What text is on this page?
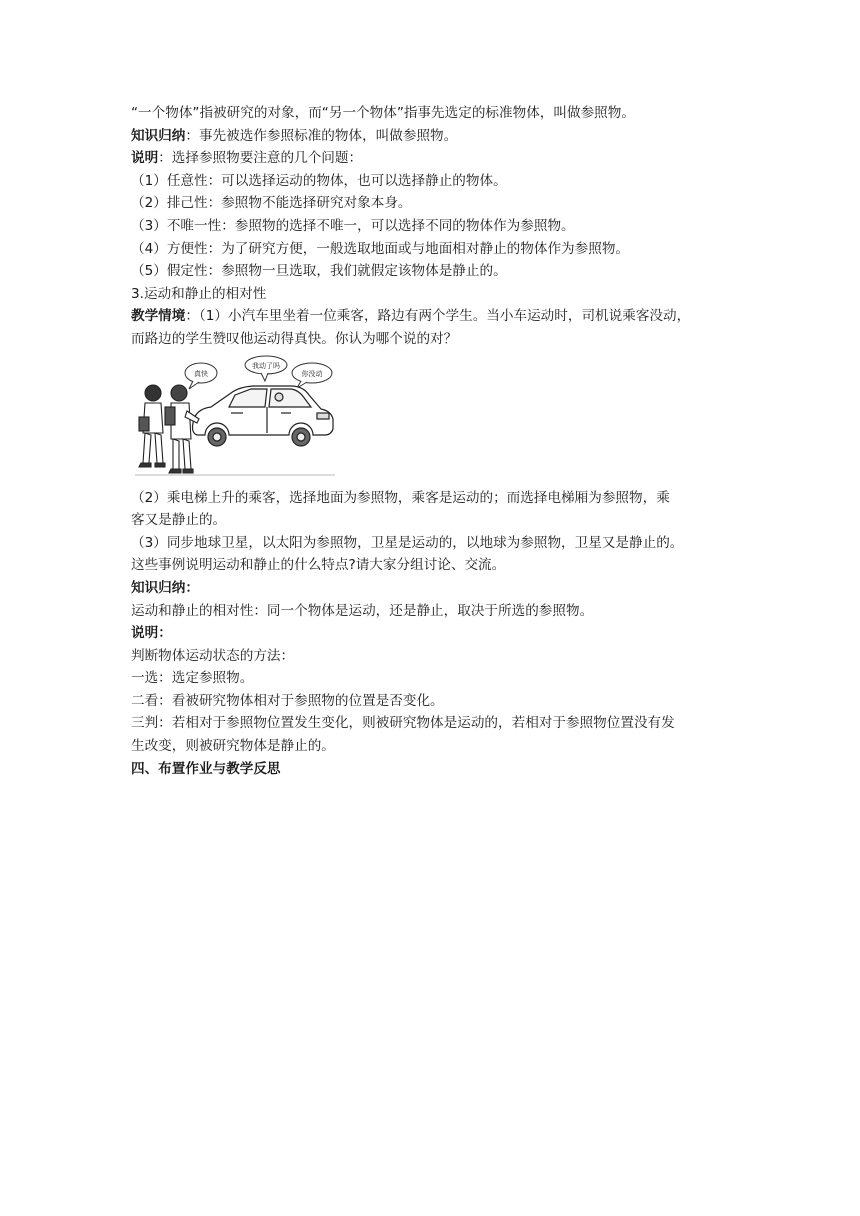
“一个物体”指被研究的对象，而“另一个物体”指事先选定的标准物体，叫做参照物。
知识归纳：事先被选作参照标准的物体，叫做参照物。
说明：选择参照物要注意的几个问题：
（1）任意性：可以选择运动的物体，也可以选择静止的物体。
（2）排己性：参照物不能选择研究对象本身。
（3）不唯一性：参照物的选择不唯一，可以选择不同的物体作为参照物。
（4）方便性：为了研究方便，一般选取地面或与地面相对静止的物体作为参照物。
（5）假定性：参照物一旦选取，我们就假定该物体是静止的。
3.运动和静止的相对性
教学情境：（1）小汽车里坐着一位乘客，路边有两个学生。当小车运动时，司机说乘客没动，
而路边的学生赞叹他运动得真快。你认为哪个说的对？
真快
我动了吗
你没动
（2）乘电梯上升的乘客，选择地面为参照物，乘客是运动的；而选择电梯厢为参照物，乘
客又是静止的。
（3）同步地球卫星，以太阳为参照物，卫星是运动的，以地球为参照物，卫星又是静止的。
这些事例说明运动和静止的什么特点?请大家分组讨论、交流。
知识归纳：
运动和静止的相对性：同一个物体是运动，还是静止，取决于所选的参照物。
说明：
判断物体运动状态的方法：
一选：选定参照物。
二看：看被研究物体相对于参照物的位置是否变化。
三判：若相对于参照物位置发生变化，则被研究物体是运动的，若相对于参照物位置没有发
生改变，则被研究物体是静止的。
四、布置作业与教学反思
